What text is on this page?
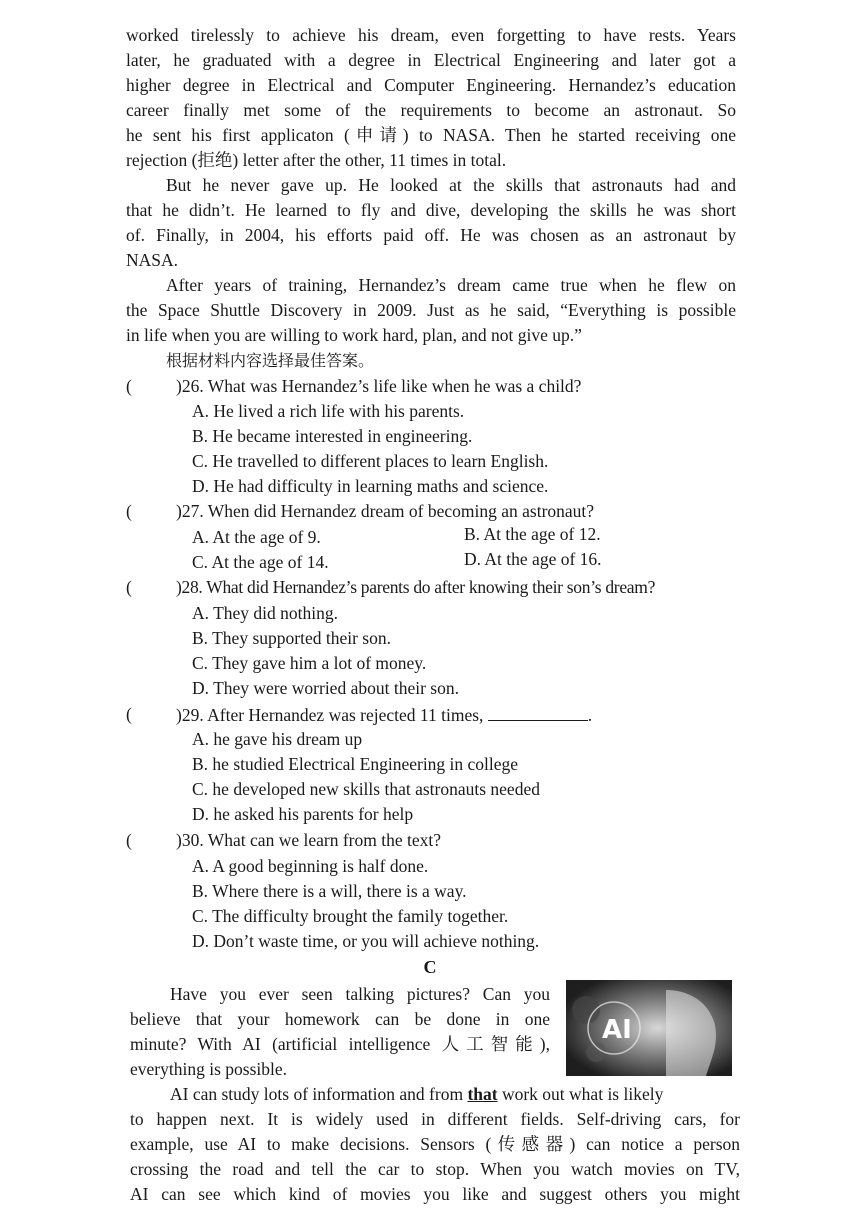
worked tirelessly to achieve his dream, even forgetting to have rests. Years
later, he graduated with a degree in Electrical Engineering and later got a
higher degree in Electrical and Computer Engineering. Hernandez’s education
career finally met some of the requirements to become an astronaut. So
he sent his first applicaton (申请) to NASA. Then he started receiving one
rejection (拒绝) letter after the other, 11 times in total.
But he never gave up. He looked at the skills that astronauts had and
that he didn’t. He learned to fly and dive, developing the skills he was short
of. Finally, in 2004, his efforts paid off. He was chosen as an astronaut by
NASA.
After years of training, Hernandez’s dream came true when he flew on
the Space Shuttle Discovery in 2009. Just as he said, “Everything is possible
in life when you are willing to work hard, plan, and not give up.”
根据材料内容选择最佳答案。
(	)26. What was Hernandez’s life like when he was a child?
A. He lived a rich life with his parents.
B. He became interested in engineering.
C. He travelled to different places to learn English.
D. He had difficulty in learning maths and science.
(	)27. When did Hernandez dream of becoming an astronaut?
A. At the age of 9.	B. At the age of 12.
C. At the age of 14.	D. At the age of 16.
(	)28. What did Hernandez’s parents do after knowing their son’s dream?
A. They did nothing.
B. They supported their son.
C. They gave him a lot of money.
D. They were worried about their son.
(	)29. After Hernandez was rejected 11 times,	.
A. he gave his dream up
B. he studied Electrical Engineering in college
C. he developed new skills that astronauts needed
D. he asked his parents for help
(	)30. What can we learn from the text?
A. A good beginning is half done.
B. Where there is a will, there is a way.
C. The difficulty brought the family together.
D. Don’t waste time, or you will achieve nothing.
C
Have you ever seen talking pictures? Can you
believe that your homework can be done in one
minute? With AI (artificial intelligence 人工智能),
everything is possible.
AI
AI can study lots of information and from that work out what is likely
to happen next. It is widely used in different fields. Self-driving cars, for
example, use AI to make decisions. Sensors (传感器) can notice a person
crossing the road and tell the car to stop. When you watch movies on TV,
AI can see which kind of movies you like and suggest others you might
